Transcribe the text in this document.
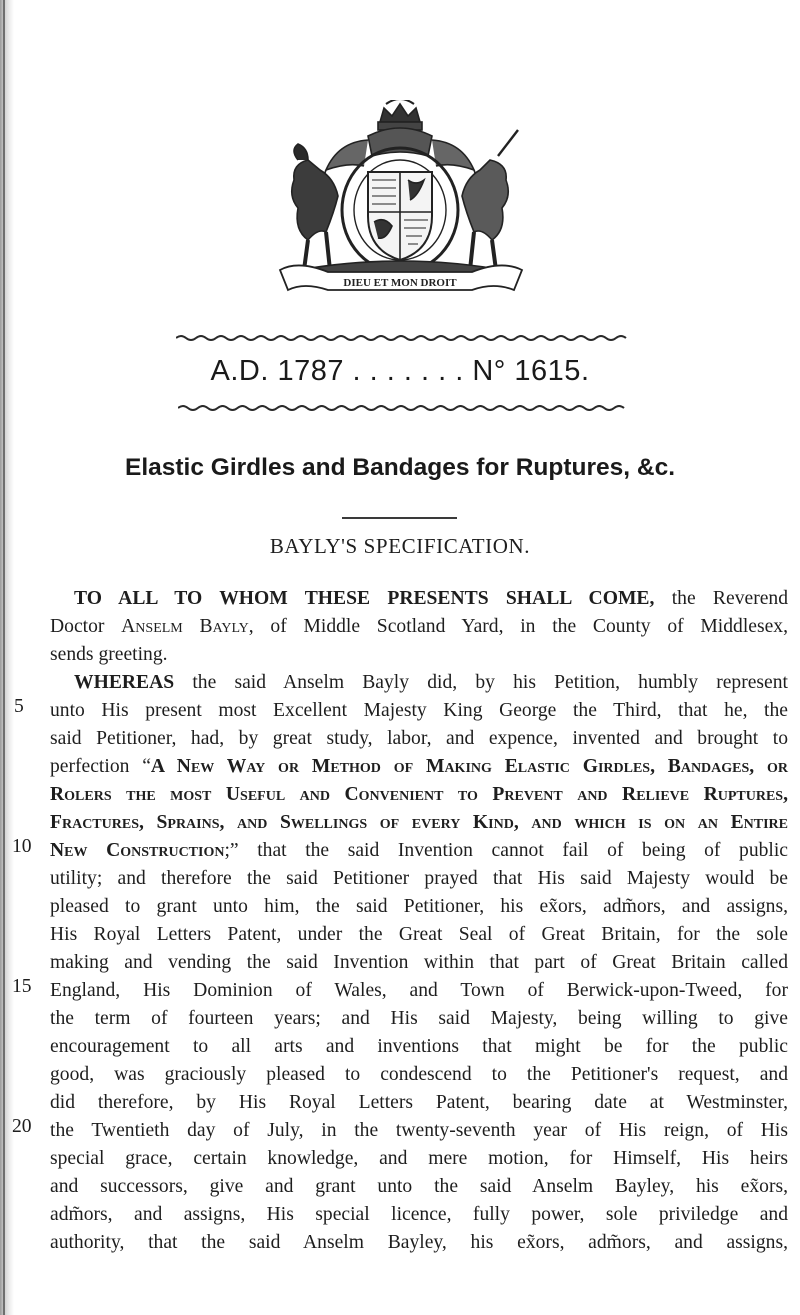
DIEU ET MON DROIT
A.D. 1787 . . . . . . . N° 1615.
Elastic Girdles and Bandages for Ruptures, &c.
BAYLY'S SPECIFICATION.
5
10
15
20
TO ALL TO WHOM THESE PRESENTS SHALL COME, the Reverend
Doctor Anselm Bayly, of Middle Scotland Yard, in the County of Middlesex,
sends greeting.
WHEREAS the said Anselm Bayly did, by his Petition, humbly represent
unto His present most Excellent Majesty King George the Third, that he, the
said Petitioner, had, by great study, labor, and expence, invented and brought to
perfection “A New Way or Method of Making Elastic Girdles, Bandages, or
Rolers the most Useful and Convenient to Prevent and Relieve Ruptures,
Fractures, Sprains, and Swellings of every Kind, and which is on an Entire
New Construction;” that the said Invention cannot fail of being of public
utility; and therefore the said Petitioner prayed that His said Majesty would be
pleased to grant unto him, the said Petitioner, his ex̃ors, adm̃ors, and assigns,
His Royal Letters Patent, under the Great Seal of Great Britain, for the sole
making and vending the said Invention within that part of Great Britain called
England, His Dominion of Wales, and Town of Berwick-upon-Tweed, for
the term of fourteen years; and His said Majesty, being willing to give
encouragement to all arts and inventions that might be for the public
good, was graciously pleased to condescend to the Petitioner's request, and
did therefore, by His Royal Letters Patent, bearing date at Westminster,
the Twentieth day of July, in the twenty-seventh year of His reign, of His
special grace, certain knowledge, and mere motion, for Himself, His heirs
and successors, give and grant unto the said Anselm Bayley, his ex̃ors,
adm̃ors, and assigns, His special licence, fully power, sole priviledge and
authority, that the said Anselm Bayley, his ex̃ors, adm̃ors, and assigns,
